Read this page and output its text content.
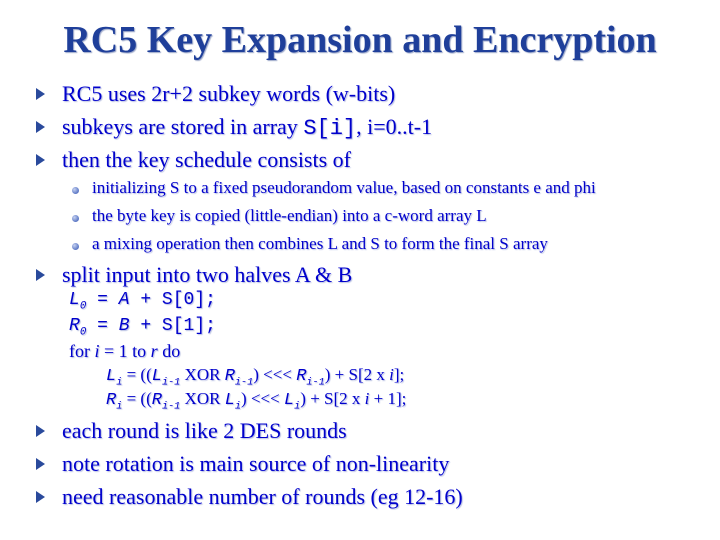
RC5 Key Expansion and Encryption
RC5 uses 2r+2 subkey words (w-bits)
subkeys are stored in array S[i], i=0..t-1
then the key schedule consists of
initializing S to a fixed pseudorandom value, based on constants e and phi
the byte key is copied (little-endian) into a c-word array L
a mixing operation then combines L and S to form the final S array
split input into two halves A & B
$L_0 = A + S[0]$;
$R_0 = B + S[1]$;
for i = 1 to r do
$L_i = ((L_{i-1}$ XOR $R_{i-1}$) <<< $R_{i-1}) + S[2$ x i];
$R_i = ((R_{i-1}$ XOR $L_i$) <<< $L_i) + S[2$ x i + 1];
each round is like 2 DES rounds
note rotation is main source of non-linearity
need reasonable number of rounds (eg 12-16)
